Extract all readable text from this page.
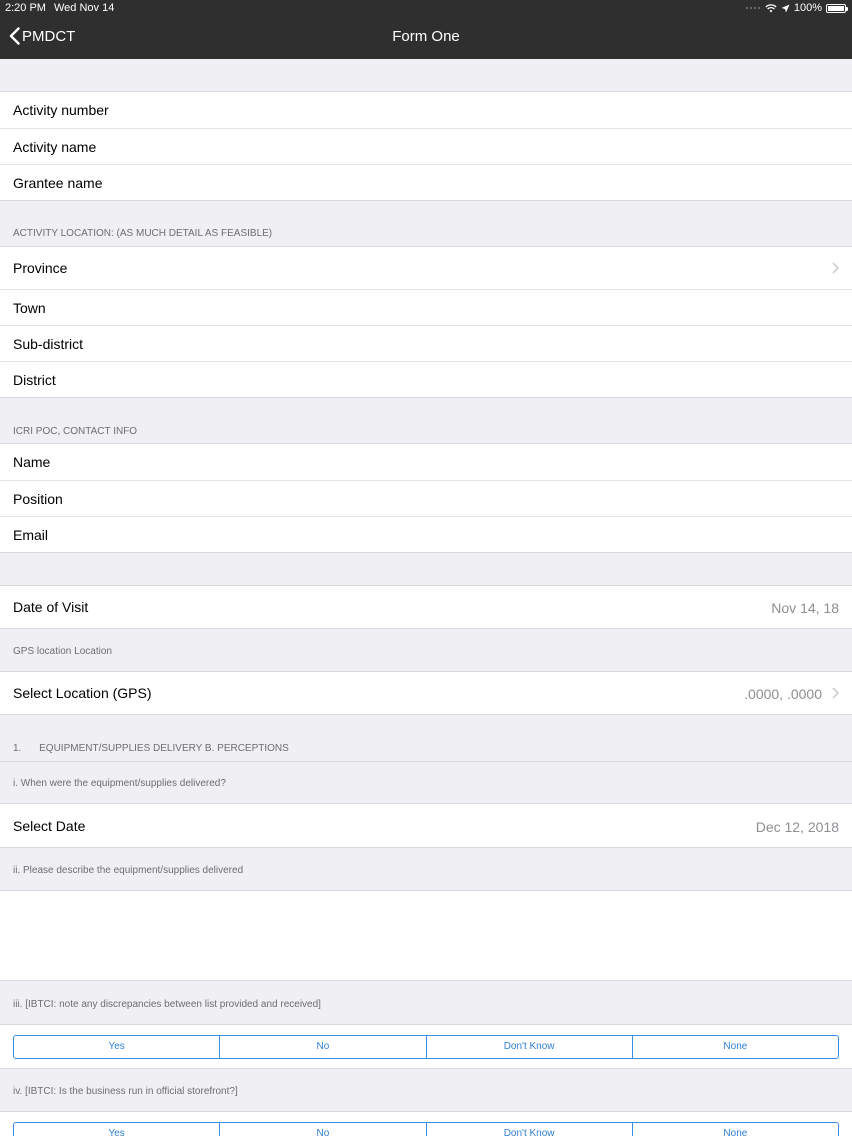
2:20 PM Wed Nov 14	100%
PMDCT	Form One
Activity number
Activity name
Grantee name
ACTIVITY LOCATION: (AS MUCH DETAIL AS FEASIBLE)
Province
Town
Sub-district
District
ICRI POC, CONTACT INFO
Name
Position
Email
Date of Visit	Nov 14, 18
GPS location Location
Select Location (GPS)	.0000, .0000
1. EQUIPMENT/SUPPLIES DELIVERY B. PERCEPTIONS
i. When were the equipment/supplies delivered?
Select Date	Dec 12, 2018
ii. Please describe the equipment/supplies delivered
iii. [IBTCI: note any discrepancies between list provided and received]
Yes	No	Don't Know	None
iv. [IBTCI: Is the business run in official storefront?]
Yes	No	Don't Know	None
